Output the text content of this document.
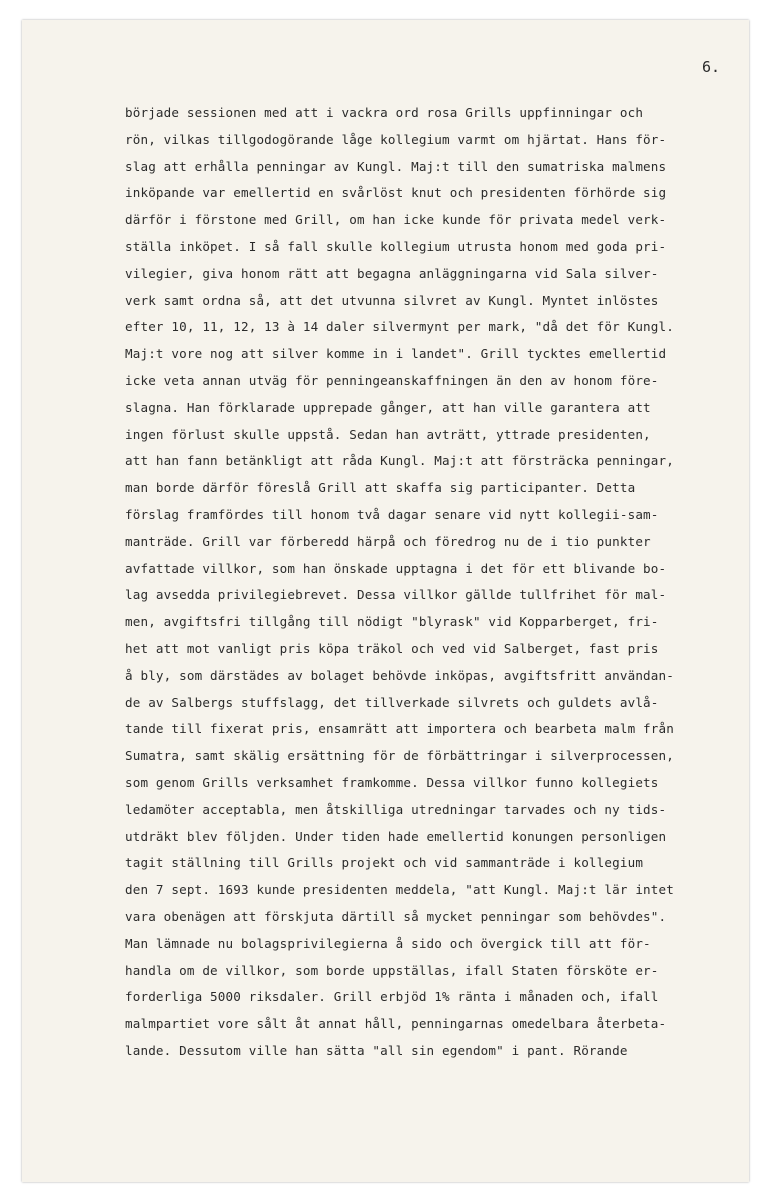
6.
började sessionen med att i vackra ord rosa Grills uppfinningar och
rön, vilkas tillgodogörande låge kollegium varmt om hjärtat. Hans för-
slag att erhålla penningar av Kungl. Maj:t till den sumatriska malmens
inköpande var emellertid en svårlöst knut och presidenten förhörde sig
därför i förstone med Grill, om han icke kunde för privata medel verk-
ställa inköpet. I så fall skulle kollegium utrusta honom med goda pri-
vilegier, giva honom rätt att begagna anläggningarna vid Sala silver-
verk samt ordna så, att det utvunna silvret av Kungl. Myntet inlöstes
efter 10, 11, 12, 13 à 14 daler silvermynt per mark, "då det för Kungl.
Maj:t vore nog att silver komme in i landet". Grill tycktes emellertid
icke veta annan utväg för penningeanskaffningen än den av honom före-
slagna. Han förklarade upprepade gånger, att han ville garantera att
ingen förlust skulle uppstå. Sedan han avträtt, yttrade presidenten,
att han fann betänkligt att råda Kungl. Maj:t att försträcka penningar,
man borde därför föreslå Grill att skaffa sig participanter. Detta
förslag framfördes till honom två dagar senare vid nytt kollegii-sam-
manträde. Grill var förberedd härpå och föredrog nu de i tio punkter
avfattade villkor, som han önskade upptagna i det för ett blivande bo-
lag avsedda privilegiebrevet. Dessa villkor gällde tullfrihet för mal-
men, avgiftsfri tillgång till nödigt "blyrask" vid Kopparberget, fri-
het att mot vanligt pris köpa träkol och ved vid Salberget, fast pris
å bly, som därstädes av bolaget behövde inköpas, avgiftsfritt användan-
de av Salbergs stuffslagg, det tillverkade silvrets och guldets avlå-
tande till fixerat pris, ensamrätt att importera och bearbeta malm från
Sumatra, samt skälig ersättning för de förbättringar i silverprocessen,
som genom Grills verksamhet framkomme. Dessa villkor funno kollegiets
ledamöter acceptabla, men åtskilliga utredningar tarvades och ny tids-
utdräkt blev följden. Under tiden hade emellertid konungen personligen
tagit ställning till Grills projekt och vid sammanträde i kollegium
den 7 sept. 1693 kunde presidenten meddela, "att Kungl. Maj:t lär intet
vara obenägen att förskjuta därtill så mycket penningar som behövdes".
Man lämnade nu bolagsprivilegierna å sido och övergick till att för-
handla om de villkor, som borde uppställas, ifall Staten försköte er-
forderliga 5000 riksdaler. Grill erbjöd 1% ränta i månaden och, ifall
malmpartiet vore sålt åt annat håll, penningarnas omedelbara återbeta-
lande. Dessutom ville han sätta "all sin egendom" i pant. Rörande
